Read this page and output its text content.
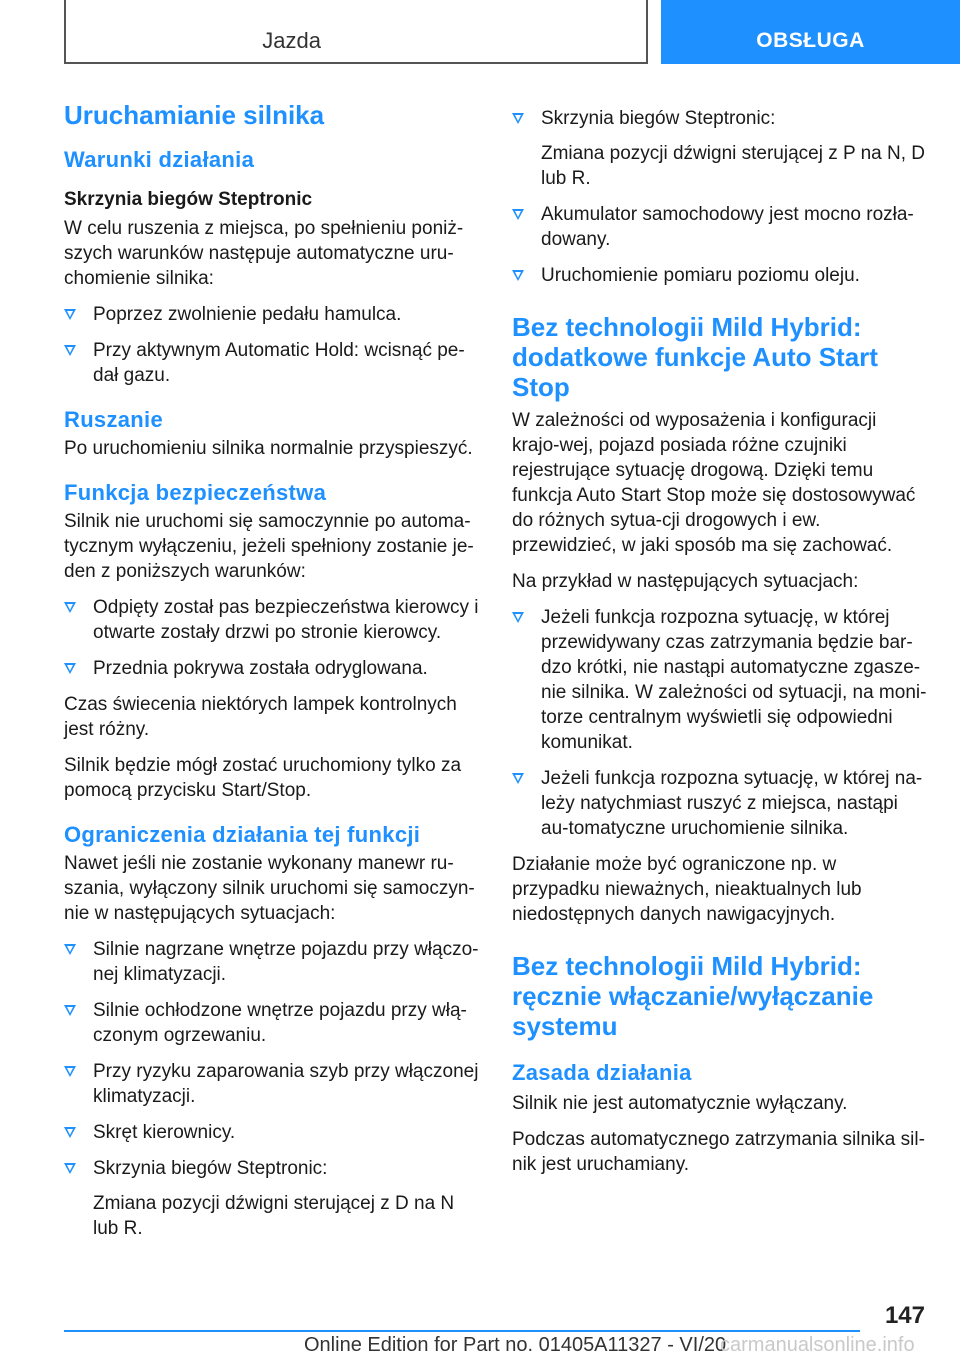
Jazda	OBSŁUGA
Uruchamianie silnika
Warunki działania
Skrzynia biegów Steptronic

W celu ruszenia z miejsca, po spełnieniu poniż‐szych warunków następuje automatyczne uru‐chomienie silnika:

Poprzez zwolnienie pedału hamulca.
Przy aktywnym Automatic Hold: wcisnąć pe‐dał gazu.
Ruszanie

Po uruchomieniu silnika normalnie przyspieszyć.

Funkcja bezpieczeństwa

Silnik nie uruchomi się samoczynnie po automa‐tycznym wyłączeniu, jeżeli spełniony zostanie je‐den z poniższych warunków:

Odpięty został pas bezpieczeństwa kierowcy i otwarte zostały drzwi po stronie kierowcy.
Przednia pokrywa została odryglowana.

Czas świecenia niektórych lampek kontrolnych jest różny.

Silnik będzie mógł zostać uruchomiony tylko za pomocą przycisku Start/Stop.

Ograniczenia działania tej funkcji

Nawet jeśli nie zostanie wykonany manewr ru‐szania, wyłączony silnik uruchomi się samoczyn‐nie w następujących sytuacjach:

Silnie nagrzane wnętrze pojazdu przy włączo‐nej klimatyzacji.
Silnie ochłodzone wnętrze pojazdu przy włą‐czonym ogrzewaniu.
Przy ryzyku zaparowania szyb przy włączonej klimatyzacji.
Skręt kierownicy.
Skrzynia biegów Steptronic:
Zmiana pozycji dźwigni sterującej z D na N lub R.
Skrzynia biegów Steptronic:
Zmiana pozycji dźwigni sterującej z P na N, D lub R.
Akumulator samochodowy jest mocno rozła‐dowany.
Uruchomienie pomiaru poziomu oleju.
Bez technologii Mild Hybrid: dodatkowe funkcje Auto Start Stop

W zależności od wyposażenia i konfiguracji krajo‐wej, pojazd posiada różne czujniki rejestrujące sytuację drogową. Dzięki temu funkcja Auto Start Stop może się dostosowywać do różnych sytua‐cji drogowych i ew. przewidzieć, w jaki sposób ma się zachować.

Na przykład w następujących sytuacjach:

Jeżeli funkcja rozpozna sytuację, w której przewidywany czas zatrzymania będzie bar‐dzo krótki, nie nastąpi automatyczne zgasze‐nie silnika. W zależności od sytuacji, na moni‐torze centralnym wyświetli się odpowiedni komunikat.
Jeżeli funkcja rozpozna sytuację, w której na‐leży natychmiast ruszyć z miejsca, nastąpi au‐tomatyczne uruchomienie silnika.

Działanie może być ograniczone np. w przypadku nieważnych, nieaktualnych lub niedostępnych danych nawigacyjnych.

Bez technologii Mild Hybrid: ręcznie włączanie/wyłączanie systemu
Zasada działania

Silnik nie jest automatycznie wyłączany.

Podczas automatycznego zatrzymania silnika sil‐nik jest uruchamiany.

147
Online Edition for Part no. 01405A11327 - VI/20
carmanualsonline.info
